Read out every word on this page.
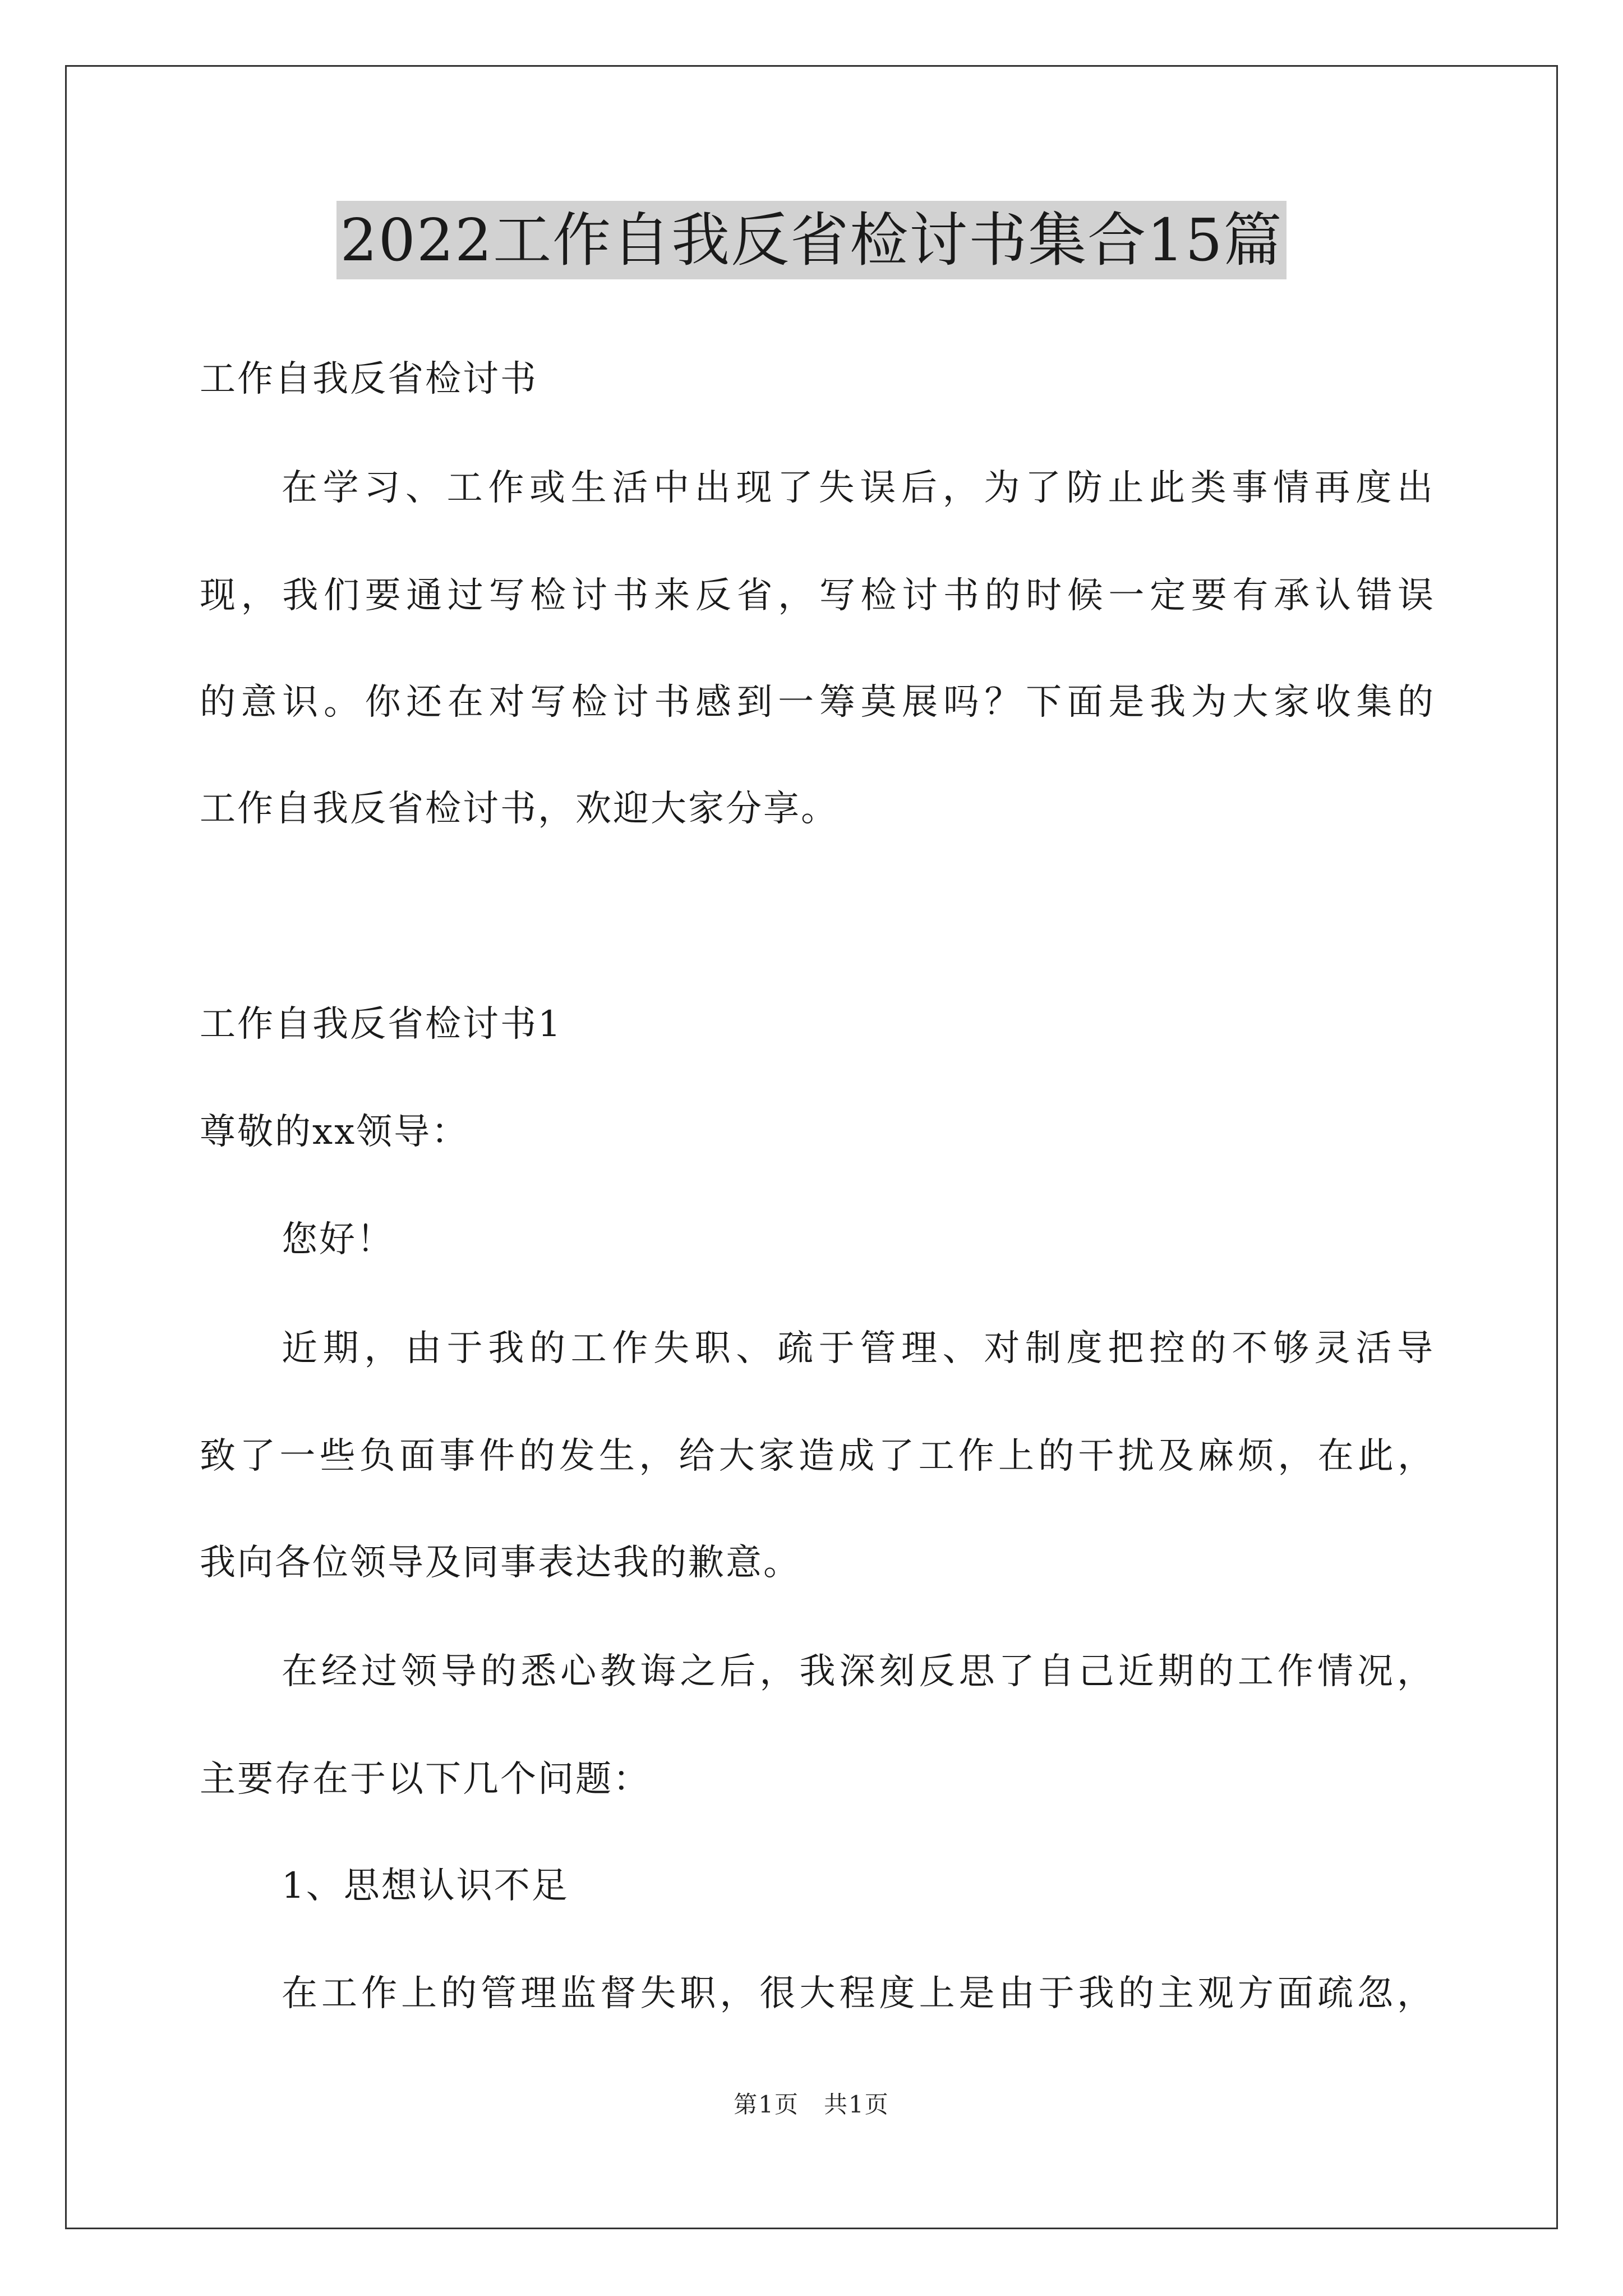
2022工作自我反省检讨书集合15篇
工作自我反省检讨书
在学习、工作或生活中出现了失误后，为了防止此类事情再度出
现，我们要通过写检讨书来反省，写检讨书的时候一定要有承认错误
的意识。你还在对写检讨书感到一筹莫展吗？下面是我为大家收集的
工作自我反省检讨书，欢迎大家分享。
工作自我反省检讨书1
尊敬的xx领导：
您好！
近期，由于我的工作失职、疏于管理、对制度把控的不够灵活导
致了一些负面事件的发生，给大家造成了工作上的干扰及麻烦，在此，
我向各位领导及同事表达我的歉意。
在经过领导的悉心教诲之后，我深刻反思了自己近期的工作情况，
主要存在于以下几个问题：
1、思想认识不足
在工作上的管理监督失职，很大程度上是由于我的主观方面疏忽，
第1页　共1页
